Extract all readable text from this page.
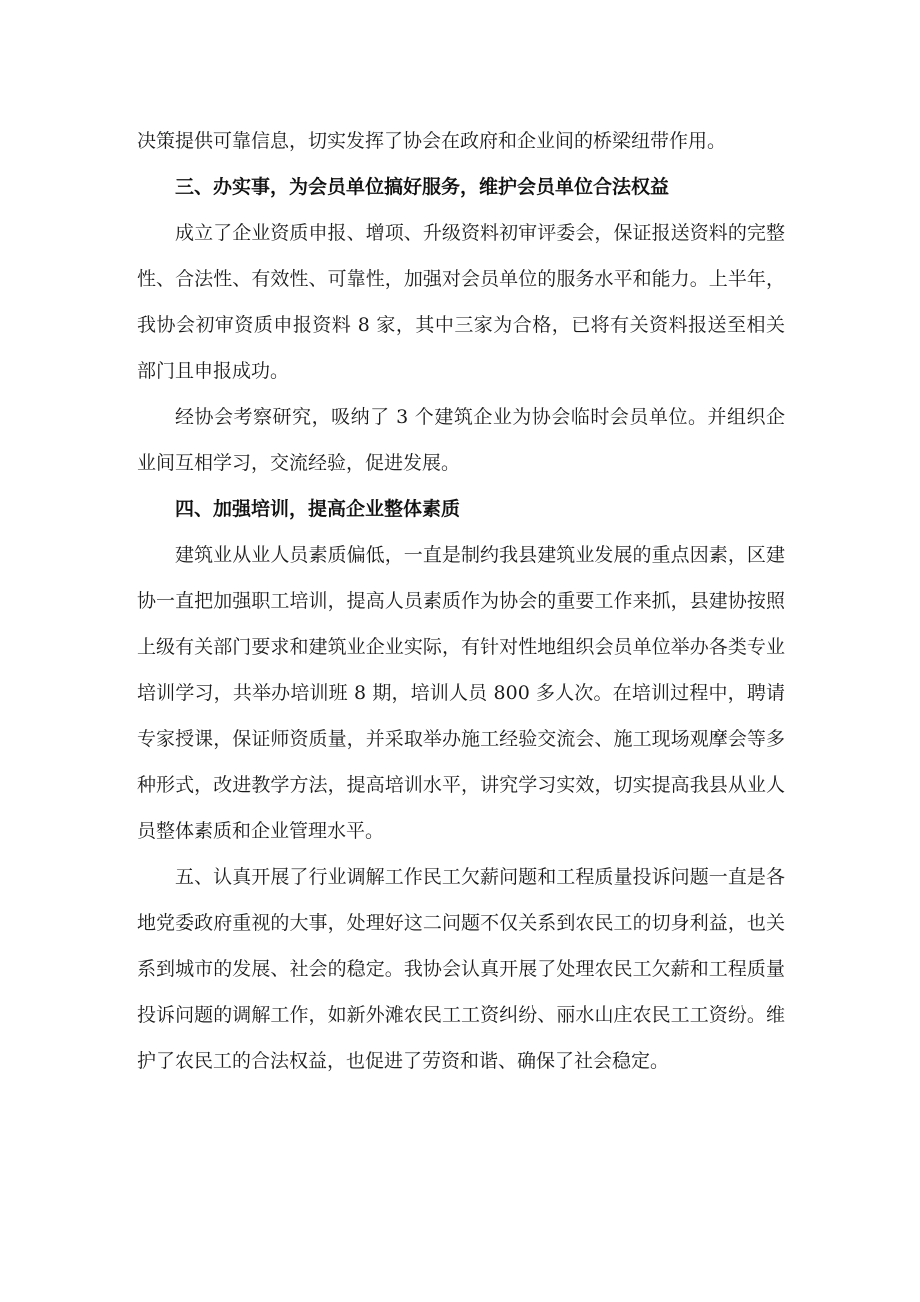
决策提供可靠信息，切实发挥了协会在政府和企业间的桥梁纽带作用。

三、办实事，为会员单位搞好服务，维护会员单位合法权益

成立了企业资质申报、增项、升级资料初审评委会，保证报送资料的完整性、合法性、有效性、可靠性，加强对会员单位的服务水平和能力。上半年，我协会初审资质申报资料 8 家，其中三家为合格，已将有关资料报送至相关部门且申报成功。

经协会考察研究，吸纳了 3 个建筑企业为协会临时会员单位。并组织企业间互相学习，交流经验，促进发展。

四、加强培训，提高企业整体素质

建筑业从业人员素质偏低，一直是制约我县建筑业发展的重点因素，区建协一直把加强职工培训，提高人员素质作为协会的重要工作来抓，县建协按照上级有关部门要求和建筑业企业实际，有针对性地组织会员单位举办各类专业培训学习，共举办培训班 8 期，培训人员 800 多人次。在培训过程中，聘请专家授课，保证师资质量，并采取举办施工经验交流会、施工现场观摩会等多种形式，改进教学方法，提高培训水平，讲究学习实效，切实提高我县从业人员整体素质和企业管理水平。

五、认真开展了行业调解工作民工欠薪问题和工程质量投诉问题一直是各地党委政府重视的大事，处理好这二问题不仅关系到农民工的切身利益，也关系到城市的发展、社会的稳定。我协会认真开展了处理农民工欠薪和工程质量投诉问题的调解工作，如新外滩农民工工资纠纷、丽水山庄农民工工资纷。维护了农民工的合法权益，也促进了劳资和谐、确保了社会稳定。
